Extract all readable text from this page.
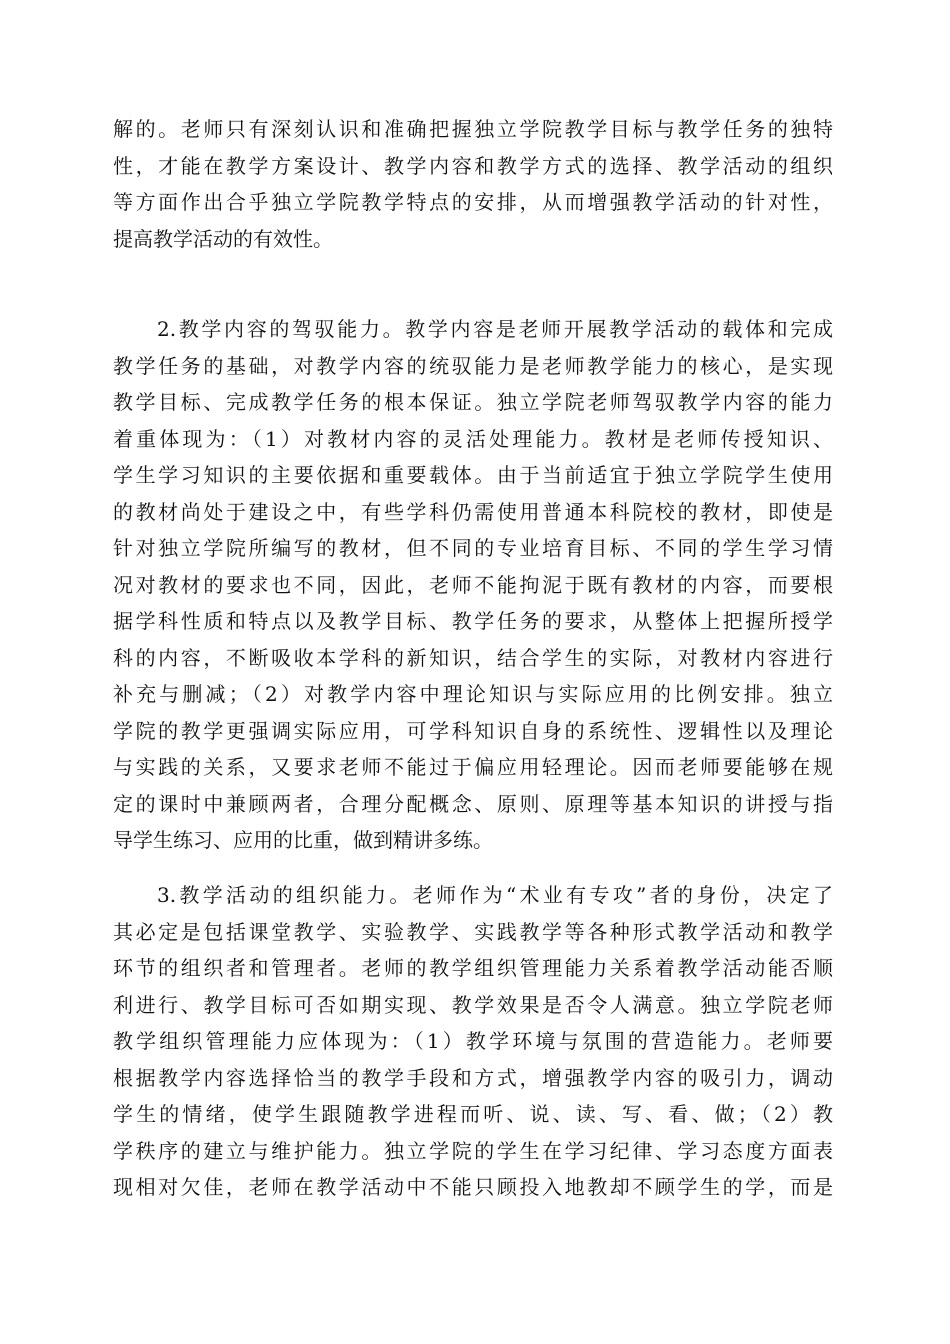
解的。老师只有深刻认识和准确把握独立学院教学目标与教学任务的独特
性，才能在教学方案设计、教学内容和教学方式的选择、教学活动的组织
等方面作出合乎独立学院教学特点的安排，从而增强教学活动的针对性，
提高教学活动的有效性。
2.教学内容的驾驭能力。教学内容是老师开展教学活动的载体和完成
教学任务的基础，对教学内容的统驭能力是老师教学能力的核心，是实现
教学目标、完成教学任务的根本保证。独立学院老师驾驭教学内容的能力
着重体现为：（1）对教材内容的灵活处理能力。教材是老师传授知识、
学生学习知识的主要依据和重要载体。由于当前适宜于独立学院学生使用
的教材尚处于建设之中，有些学科仍需使用普通本科院校的教材，即使是
针对独立学院所编写的教材，但不同的专业培育目标、不同的学生学习情
况对教材的要求也不同，因此，老师不能拘泥于既有教材的内容，而要根
据学科性质和特点以及教学目标、教学任务的要求，从整体上把握所授学
科的内容，不断吸收本学科的新知识，结合学生的实际，对教材内容进行
补充与删减；（2）对教学内容中理论知识与实际应用的比例安排。独立
学院的教学更强调实际应用，可学科知识自身的系统性、逻辑性以及理论
与实践的关系，又要求老师不能过于偏应用轻理论。因而老师要能够在规
定的课时中兼顾两者，合理分配概念、原则、原理等基本知识的讲授与指
导学生练习、应用的比重，做到精讲多练。
3.教学活动的组织能力。老师作为“术业有专攻”者的身份，决定了
其必定是包括课堂教学、实验教学、实践教学等各种形式教学活动和教学
环节的组织者和管理者。老师的教学组织管理能力关系着教学活动能否顺
利进行、教学目标可否如期实现、教学效果是否令人满意。独立学院老师
教学组织管理能力应体现为：（1）教学环境与氛围的营造能力。老师要
根据教学内容选择恰当的教学手段和方式，增强教学内容的吸引力，调动
学生的情绪，使学生跟随教学进程而听、说、读、写、看、做；（2）教
学秩序的建立与维护能力。独立学院的学生在学习纪律、学习态度方面表
现相对欠佳，老师在教学活动中不能只顾投入地教却不顾学生的学，而是
